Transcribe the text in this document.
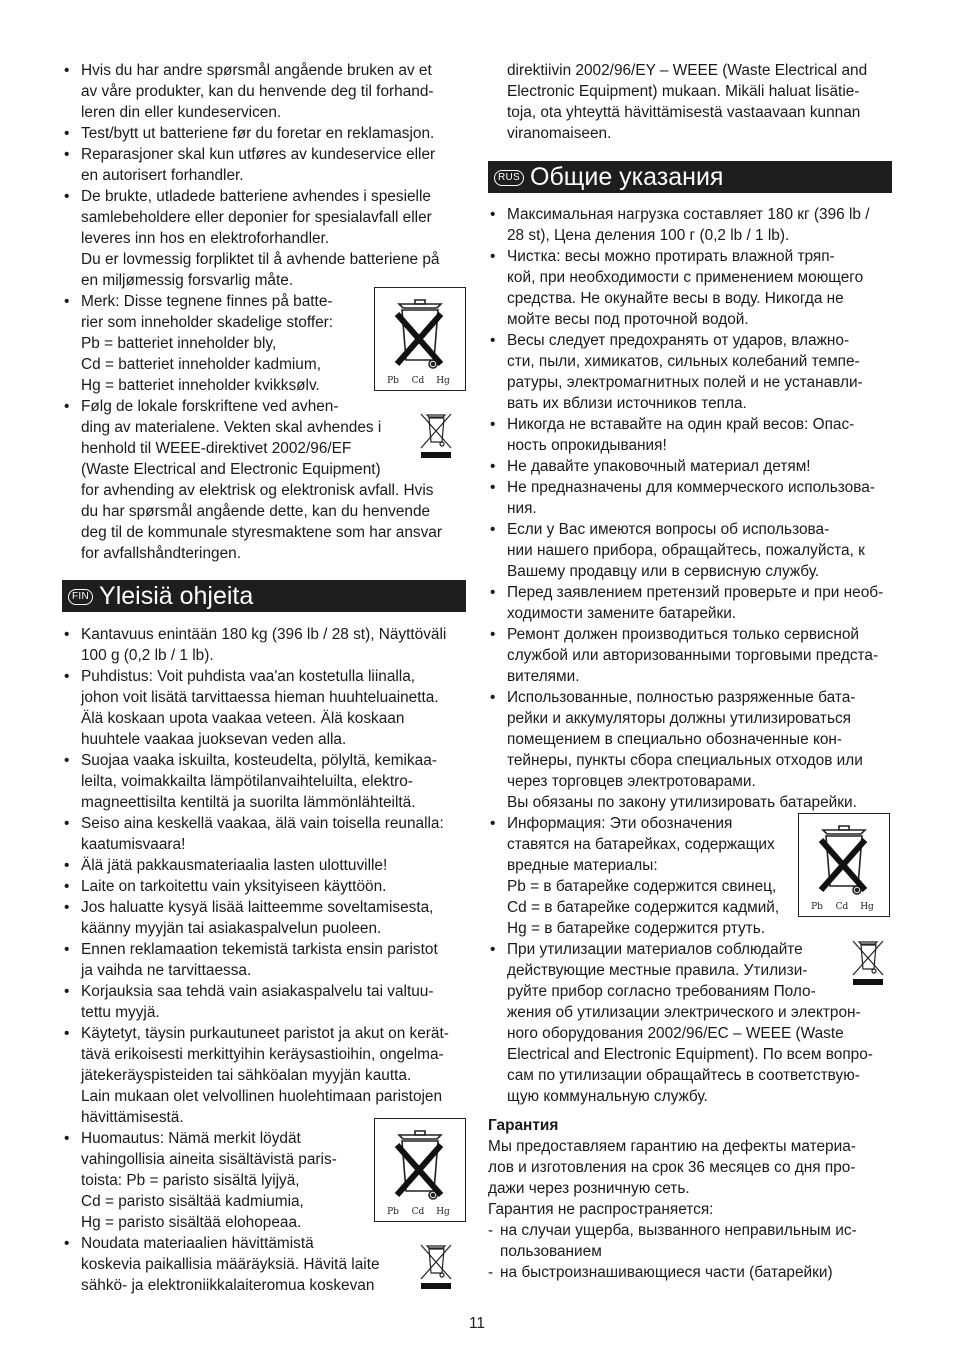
• Hvis du har andre spørsmål angående bruken av et
av våre produkter, kan du henvende deg til forhand-
leren din eller kundeservicen.
• Test/bytt ut batteriene før du foretar en reklamasjon.
• Reparasjoner skal kun utføres av kundeservice eller
en autorisert forhandler.
• De brukte, utladede batteriene avhendes i spesielle
samlebeholdere eller deponier for spesialavfall eller
leveres inn hos en elektroforhandler.
Du er lovmessig forpliktet til å avhende batteriene på
en miljømessig forsvarlig måte.
• Merk: Disse tegnene finnes på batte-
rier som inneholder skadelige stoffer:
Pb = batteriet inneholder bly,
Cd = batteriet inneholder kadmium,
Hg = batteriet inneholder kvikksølv.	Pb Cd Hg
• Følg de lokale forskriftene ved avhen-
ding av materialene. Vekten skal avhendes i
henhold til WEEE-direktivet 2002/96/EF
(Waste Electrical and Electronic Equipment)
for avhending av elektrisk og elektronisk avfall. Hvis
du har spørsmål angående dette, kan du henvende
deg til de kommunale styresmaktene som har ansvar
for avfallshåndteringen.
FIN Yleisiä ohjeita
• Kantavuus enintään 180 kg (396 lb / 28 st), Näyttöväli
100 g (0,2 lb / 1 lb).
• Puhdistus: Voit puhdista vaa'an kostetulla liinalla,
johon voit lisätä tarvittaessa hieman huuhteluainetta.
Älä koskaan upota vaakaa veteen. Älä koskaan
huuhtele vaakaa juoksevan veden alla.
• Suojaa vaaka iskuilta, kosteudelta, pölyltä, kemikaa-
leilta, voimakkailta lämpötilanvaihteluilta, elektro-
magneettisilta kentiltä ja suorilta lämmönlähteiltä.
• Seiso aina keskellä vaakaa, älä vain toisella reunalla:
kaatumisvaara!
• Älä jätä pakkausmateriaalia lasten ulottuville!
• Laite on tarkoitettu vain yksityiseen käyttöön.
• Jos haluatte kysyä lisää laitteemme soveltamisesta,
käänny myyjän tai asiakaspalvelun puoleen.
• Ennen reklamaation tekemistä tarkista ensin paristot
ja vaihda ne tarvittaessa.
• Korjauksia saa tehdä vain asiakaspalvelu tai valtuu-
tettu myyjä.
• Käytetyt, täysin purkautuneet paristot ja akut on kerät-
tävä erikoisesti merkittyihin keräysastioihin, ongelma-
jätekeräyspisteiden tai sähköalan myyjän kautta.
Lain mukaan olet velvollinen huolehtimaan paristojen
hävittämisestä.
• Huomautus: Nämä merkit löydät
vahingollisia aineita sisältävistä paris-
toista: Pb = paristo sisältä lyijyä,
Cd = paristo sisältää kadmiumia,
Hg = paristo sisältää elohopeaa.
Pb Cd Hg
• Noudata materiaalien hävittämistä
koskevia paikallisia määräyksiä. Hävitä laite
sähkö- ja elektroniikkalaiteromua koskevan
direktiivin 2002/96/EY – WEEE (Waste Electrical and
Electronic Equipment) mukaan. Mikäli haluat lisätie-
toja, ota yhteyttä hävittämisestä vastaavaan kunnan
viranomaiseen.
RUS Общие указания
• Максимальная нагрузка составляет 180 кг (396 lb /
28 st), Цена деления 100 г (0,2 lb / 1 lb).
• Чистка: весы можно протирать влажной тряп-
кой, при необходимости с применением моющего
средства. Не окунайте весы в воду. Никогда не
мойте весы под проточной водой.
• Весы следует предохранять от ударов, влажно-
сти, пыли, химикатов, сильных колебаний темпе-
ратуры, электромагнитных полей и не устанавли-
вать их вблизи источников тепла.
• Никогда не вставайте на один край весов: Опас-
ность опрокидывания!
• Не давайте упаковочный материал детям!
• Не предназначены для коммерческого использова-
ния.
• Если у Вас имеются вопросы об использова-
нии нашего прибора, обращайтесь, пожалуйста, к
Вашему продавцу или в сервисную службу.
• Перед заявлением претензий проверьте и при необ-
ходимости замените батарейки.
• Ремонт должен производиться только сервисной
службой или авторизованными торговыми предста-
вителями.
• Использованные, полностью разряженные бата-
рейки и аккумуляторы должны утилизироваться
помещением в специально обозначенные кон-
тейнеры, пункты сбора специальных отходов или
через торговцев электротоварами.
Вы обязаны по закону утилизировать батарейки.
• Информация: Эти обозначения
ставятся на батарейках, содержащих
вредные материалы:
Pb = в батарейке содержится свинец,
Cd = в батарейке содержится кадмий,
Hg = в батарейке содержится ртуть.
Pb Cd Hg
• При утилизации материалов соблюдайте
действующие местные правила. Утилизи-
руйте прибор согласно требованиям Поло-
жения об утилизации электрического и электрон-
ного оборудования 2002/96/EC – WEEE (Waste
Electrical and Electronic Equipment). По всем вопро-
сам по утилизации обращайтесь в соответствую-
щую коммунальную службу.
Гарантия
Мы предоставляем гарантию на дефекты материа-
лов и изготовления на срок 36 месяцев со дня про-
дажи через розничную сеть.
Гарантия не распространяется:
- на случаи ущерба, вызванного неправильным ис-
пользованием
- на быстроизнашивающиеся части (батарейки)
11
